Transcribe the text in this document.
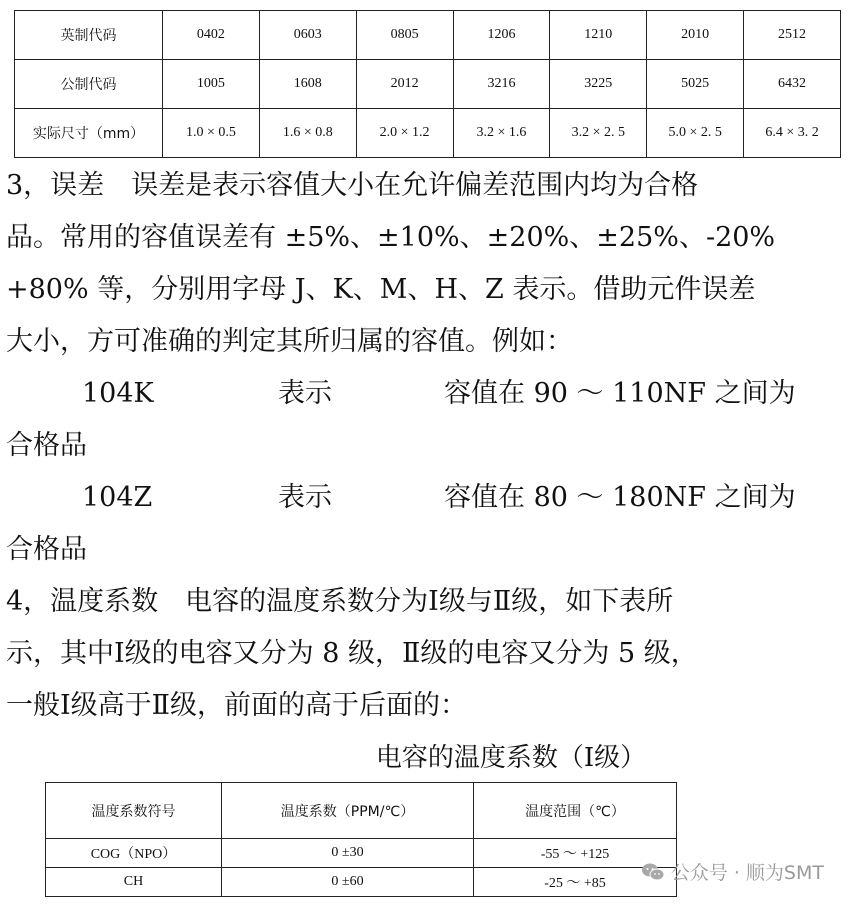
英制代码	0402	0603	0805	1206	1210	2010	2512
公制代码	1005	1608	2012	3216	3225	5025	6432
实际尺寸（mm）	1.0 × 0.5	1.6 × 0.8	2.0 × 1.2	3.2 × 1.6	3.2 × 2. 5	5.0 × 2. 5	6.4 × 3. 2
3，误差　误差是表示容值大小在允许偏差范围内均为合格
品。常用的容值误差有 ±5%、±10%、±20%、±25%、-20%
+80% 等，分别用字母 J、K、M、H、Z 表示。借助元件误差
大小，方可准确的判定其所归属的容值。例如：
104K	表示	容值在 90 ～ 110NF 之间为
合格品
104Z	表示	容值在 80 ～ 180NF 之间为
合格品
4，温度系数　电容的温度系数分为Ⅰ级与Ⅱ级，如下表所
示，其中Ⅰ级的电容又分为 8 级，Ⅱ级的电容又分为 5 级，
一般Ⅰ级高于Ⅱ级，前面的高于后面的：
电容的温度系数（Ⅰ级）
温度系数符号	温度系数（PPM/℃）	温度范围（℃）
COG（NPO）	0 ±30	-55 ～ +125
CH	0 ±60	-25 ～ +85	公众号 · 顺为SMT
